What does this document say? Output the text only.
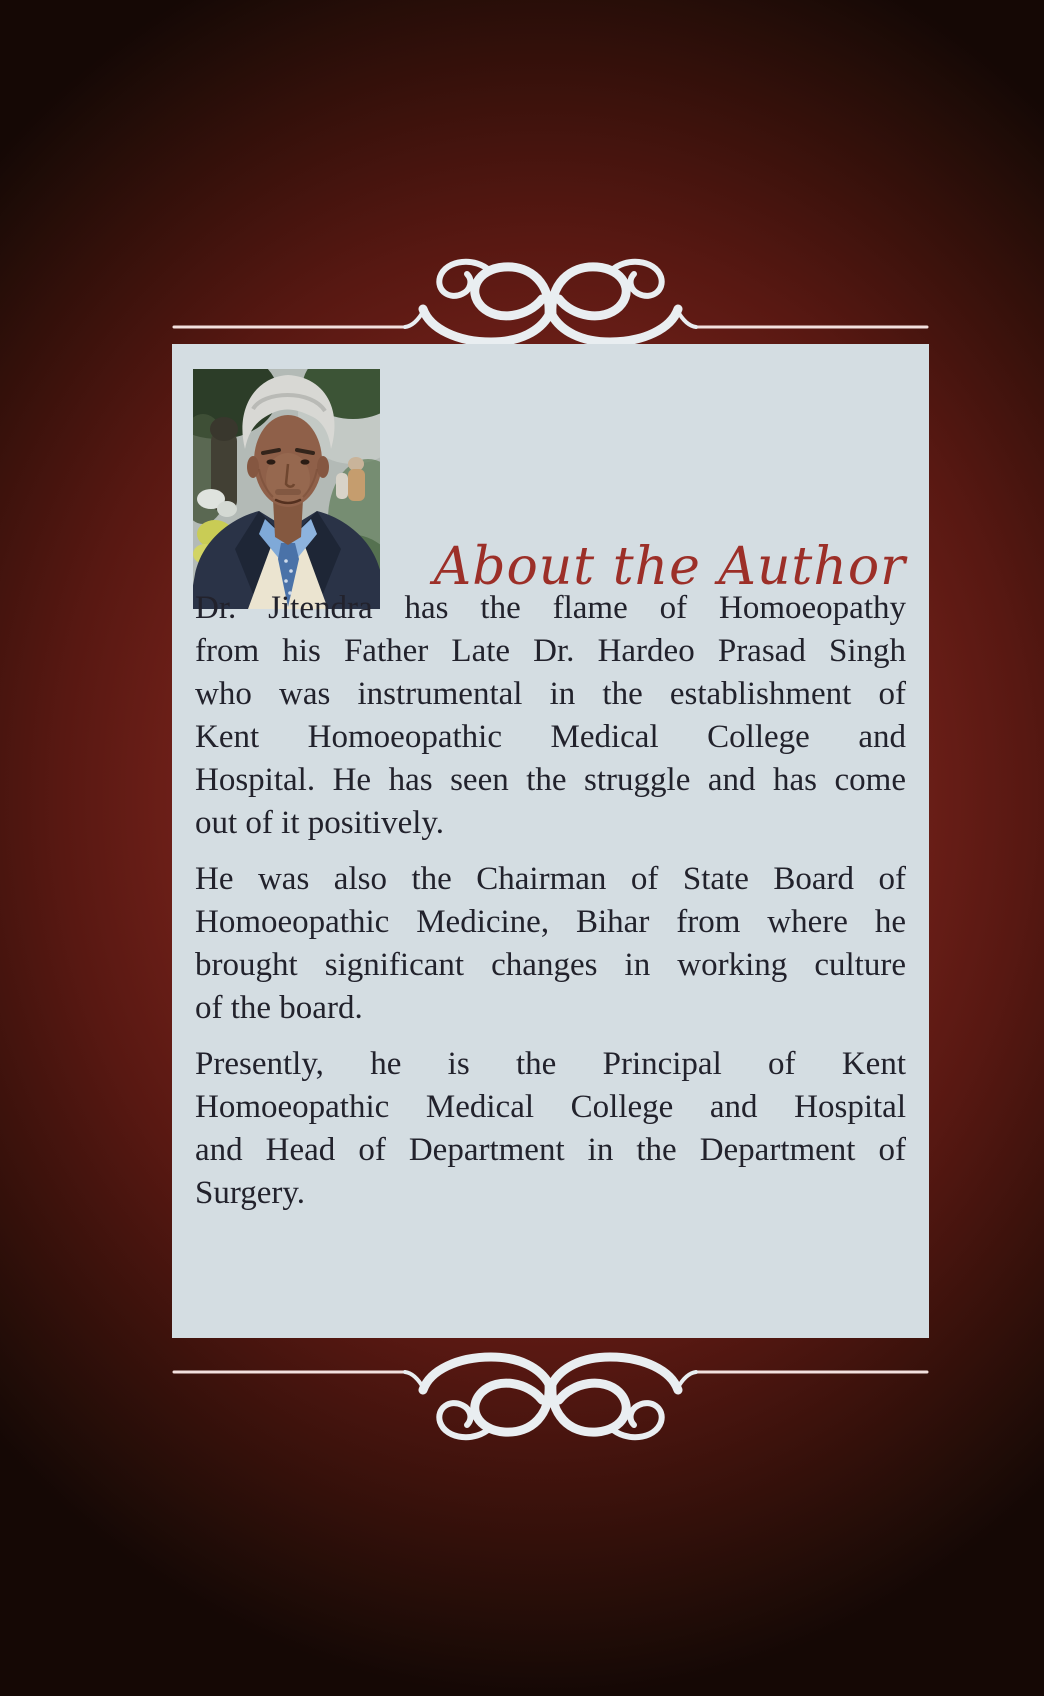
About the Author
Dr. Jitendra has the flame of Homoeopathy
from his Father Late Dr. Hardeo Prasad Singh
who was instrumental in the establishment of
Kent Homoeopathic Medical College and
Hospital. He has seen the struggle and has come
out of it positively.
He was also the Chairman of State Board of
Homoeopathic Medicine, Bihar from where he
brought significant changes in working culture
of the board.
Presently, he is the Principal of Kent
Homoeopathic Medical College and Hospital
and Head of Department in the Department of
Surgery.
